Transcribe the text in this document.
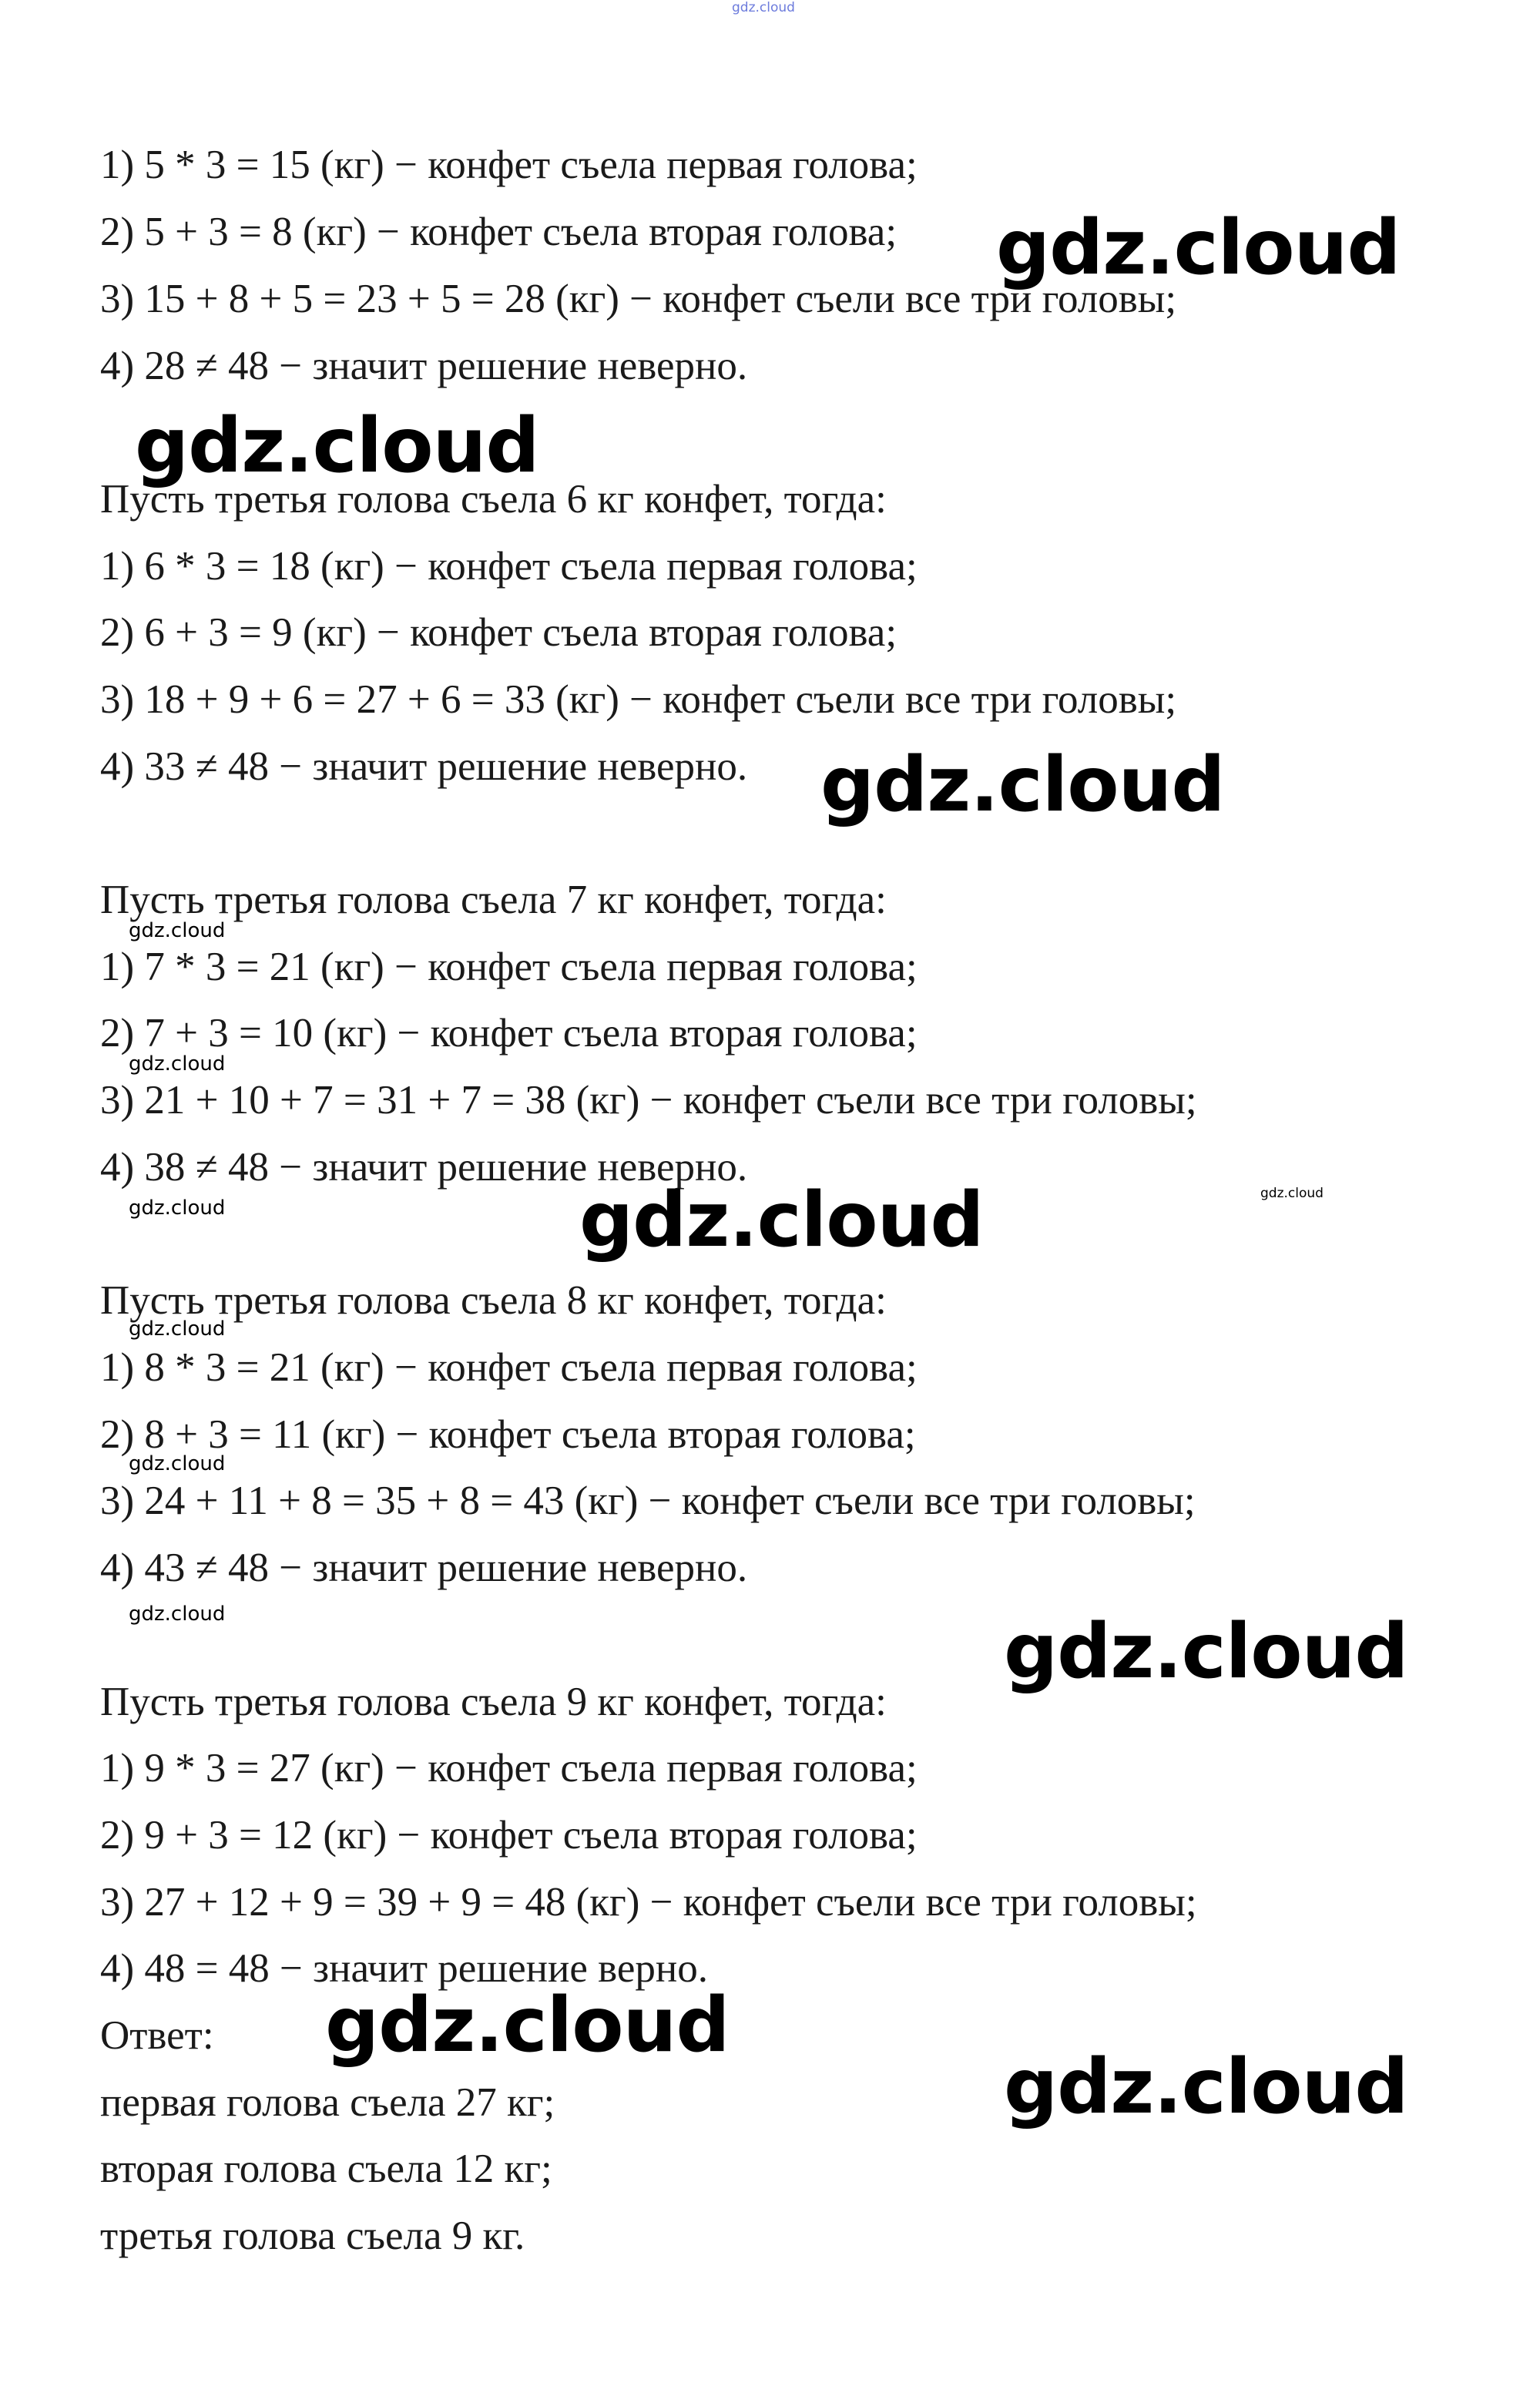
gdz.cloud
1) 5 * 3 = 15 (кг) − конфет съела первая голова;
2) 5 + 3 = 8 (кг) − конфет съела вторая голова;
3) 15 + 8 + 5 = 23 + 5 = 28 (кг) − конфет съели все три головы;
4) 28 ≠ 48 − значит решение неверно.
Пусть третья голова съела 6 кг конфет, тогда:
1) 6 * 3 = 18 (кг) − конфет съела первая голова;
2) 6 + 3 = 9 (кг) − конфет съела вторая голова;
3) 18 + 9 + 6 = 27 + 6 = 33 (кг) − конфет съели все три головы;
4) 33 ≠ 48 − значит решение неверно.
Пусть третья голова съела 7 кг конфет, тогда:
1) 7 * 3 = 21 (кг) − конфет съела первая голова;
2) 7 + 3 = 10 (кг) − конфет съела вторая голова;
3) 21 + 10 + 7 = 31 + 7 = 38 (кг) − конфет съели все три головы;
4) 38 ≠ 48 − значит решение неверно.
Пусть третья голова съела 8 кг конфет, тогда:
1) 8 * 3 = 21 (кг) − конфет съела первая голова;
2) 8 + 3 = 11 (кг) − конфет съела вторая голова;
3) 24 + 11 + 8 = 35 + 8 = 43 (кг) − конфет съели все три головы;
4) 43 ≠ 48 − значит решение неверно.
Пусть третья голова съела 9 кг конфет, тогда:
1) 9 * 3 = 27 (кг) − конфет съела первая голова;
2) 9 + 3 = 12 (кг) − конфет съела вторая голова;
3) 27 + 12 + 9 = 39 + 9 = 48 (кг) − конфет съели все три головы;
4) 48 = 48 − значит решение верно.
Ответ:
первая голова съела 27 кг;
вторая голова съела 12 кг;
третья голова съела 9 кг.
gdz.cloud
gdz.cloud
gdz.cloud
gdz.cloud
gdz.cloud
gdz.cloud
gdz.cloud
gdz.cloud
gdz.cloud
gdz.cloud
gdz.cloud
gdz.cloud
gdz.cloud
gdz.cloud
